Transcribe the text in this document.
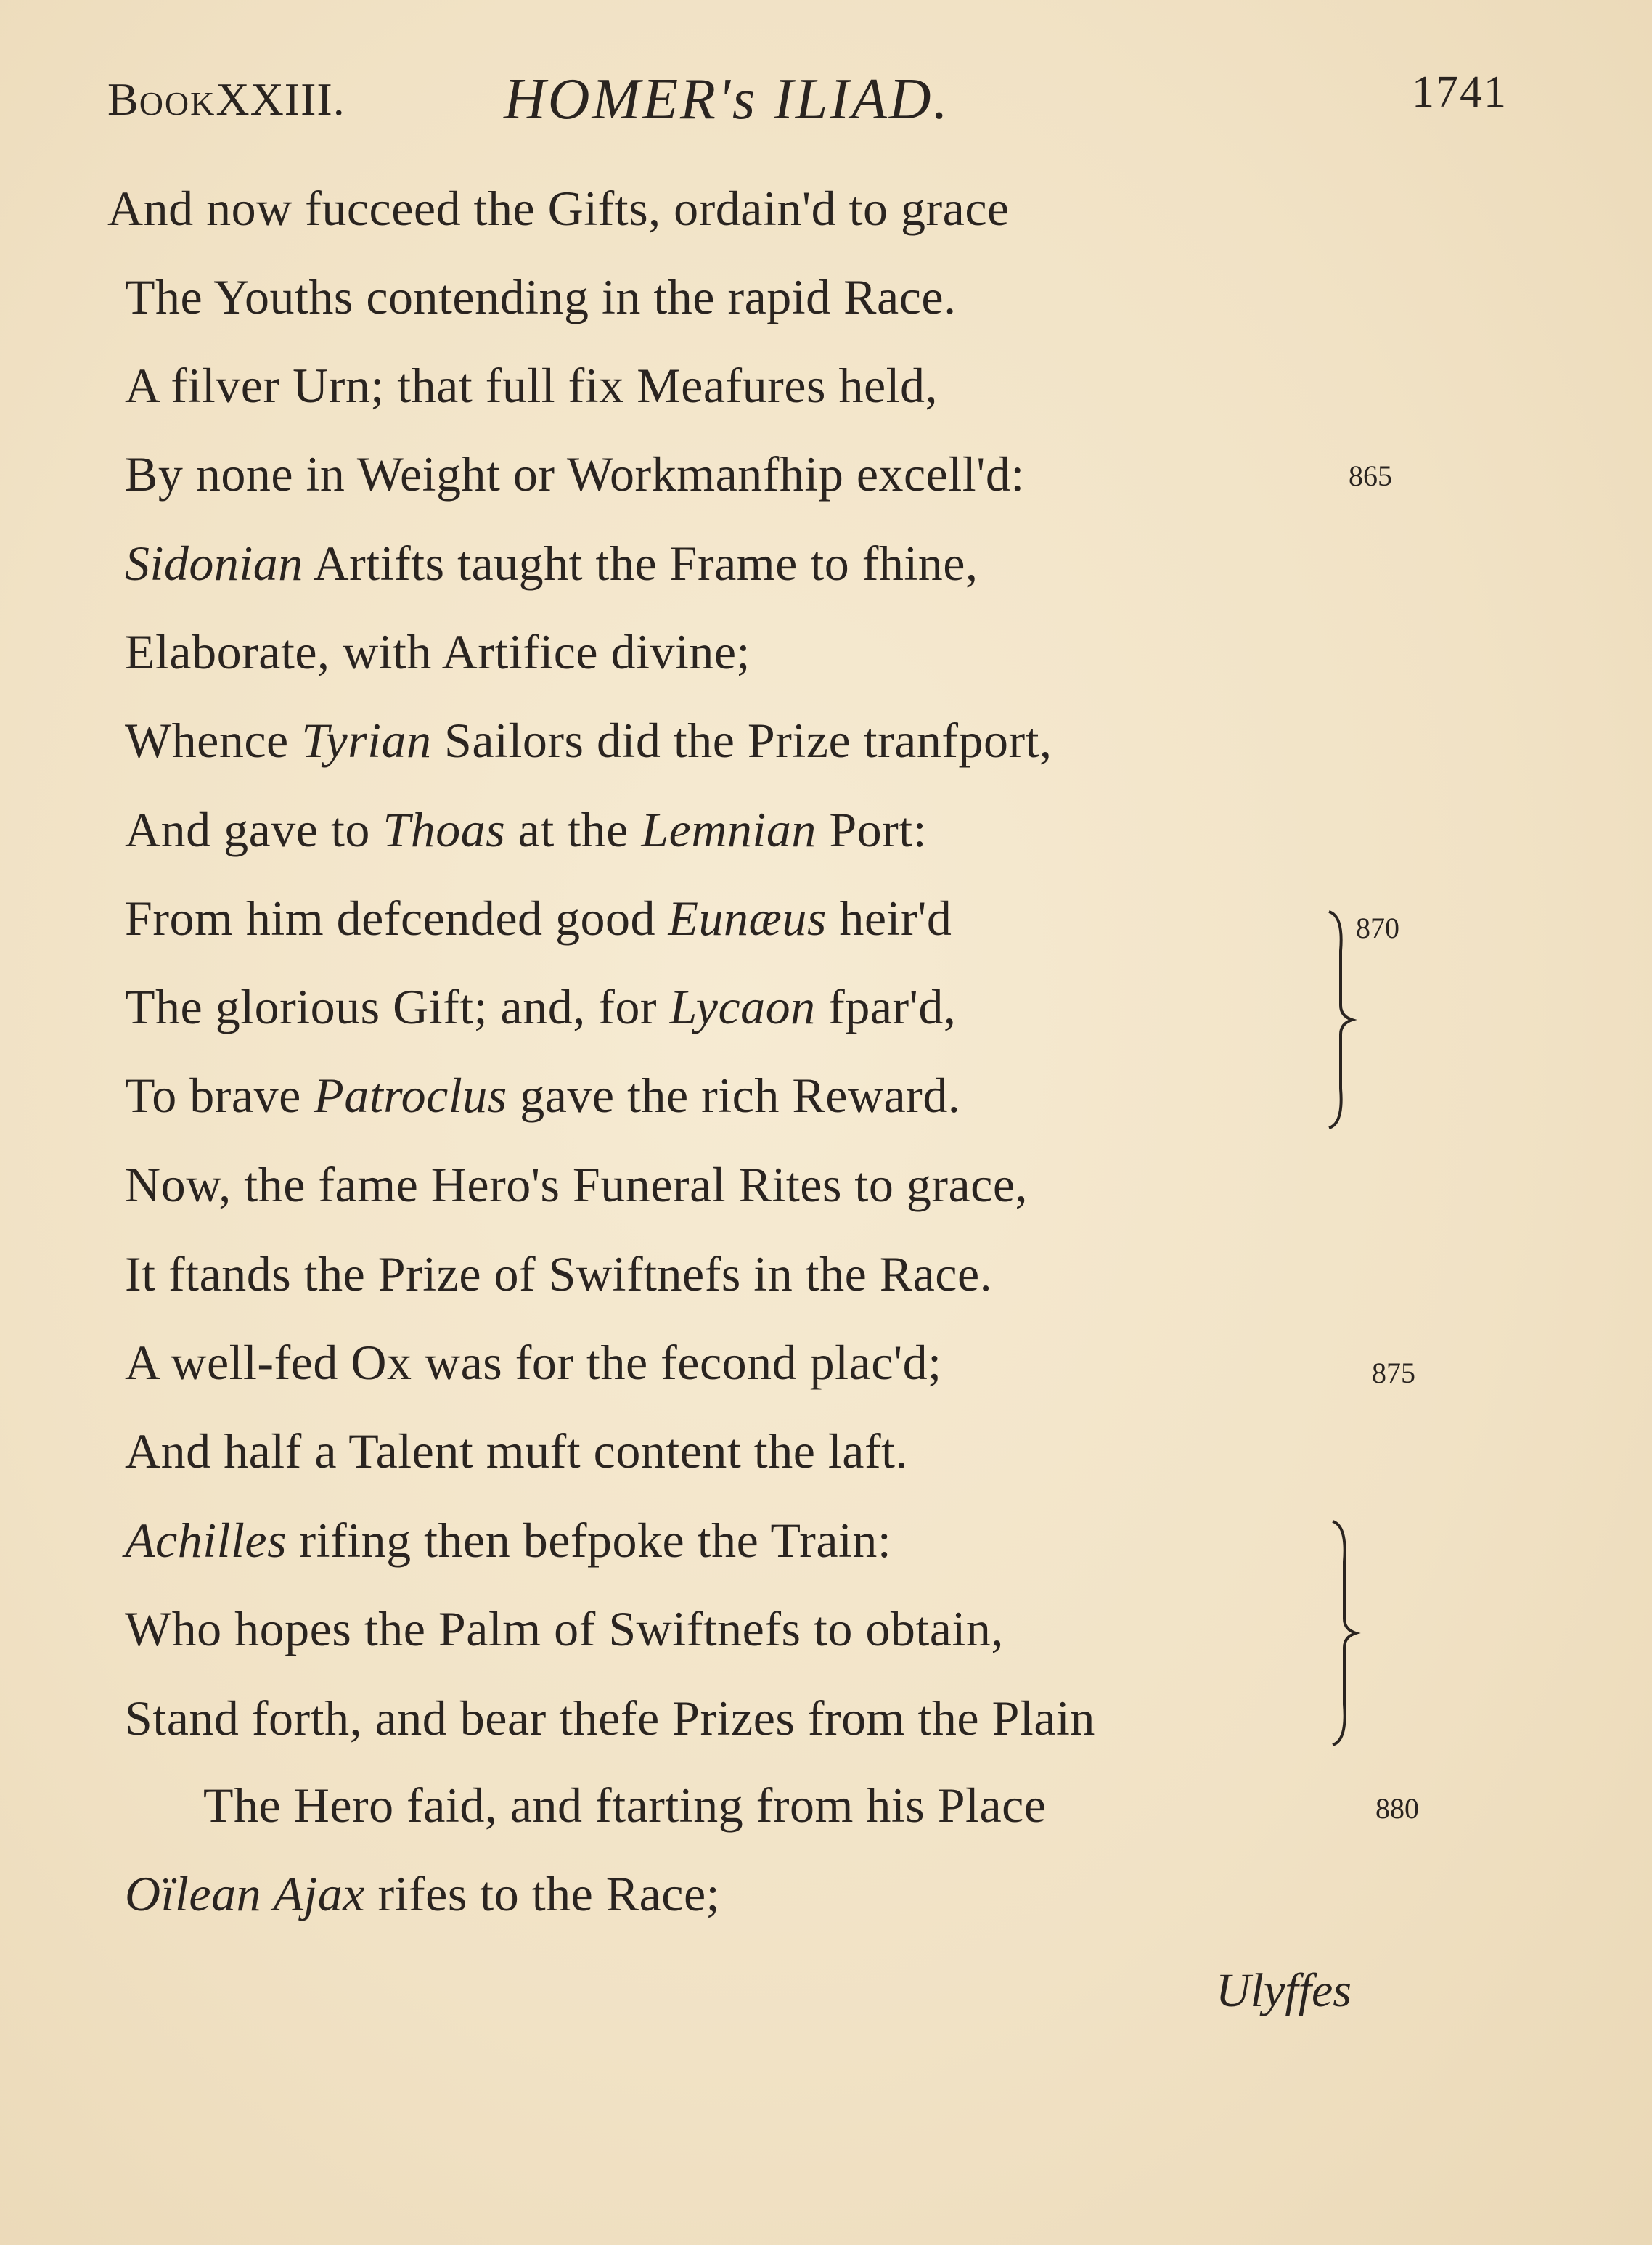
BOOKXXIII.	HOMER's ILIAD.	1741
And now fucceed the Gifts, ordain'd to grace
The Youths contending in the rapid Race.
A filver Urn; that full fix Meafures held,
By none in Weight or Workmanfhip excell'd:
Sidonian Artifts taught the Frame to fhine,
Elaborate, with Artifice divine;
Whence Tyrian Sailors did the Prize tranfport,
And gave to Thoas at the Lemnian Port:
From him defcended good Eunæus heir'd
The glorious Gift; and, for Lycaon fpar'd,
To brave Patroclus gave the rich Reward.
Now, the fame Hero's Funeral Rites to grace,
It ftands the Prize of Swiftnefs in the Race.
A well-fed Ox was for the fecond plac'd;
And half a Talent muft content the laft.
Achilles rifing then befpoke the Train:
Who hopes the Palm of Swiftnefs to obtain,
Stand forth, and bear thefe Prizes from the Plain
The Hero faid, and ftarting from his Place
Oïlean Ajax rifes to the Race;
865
870
875
880
Ulyffes
